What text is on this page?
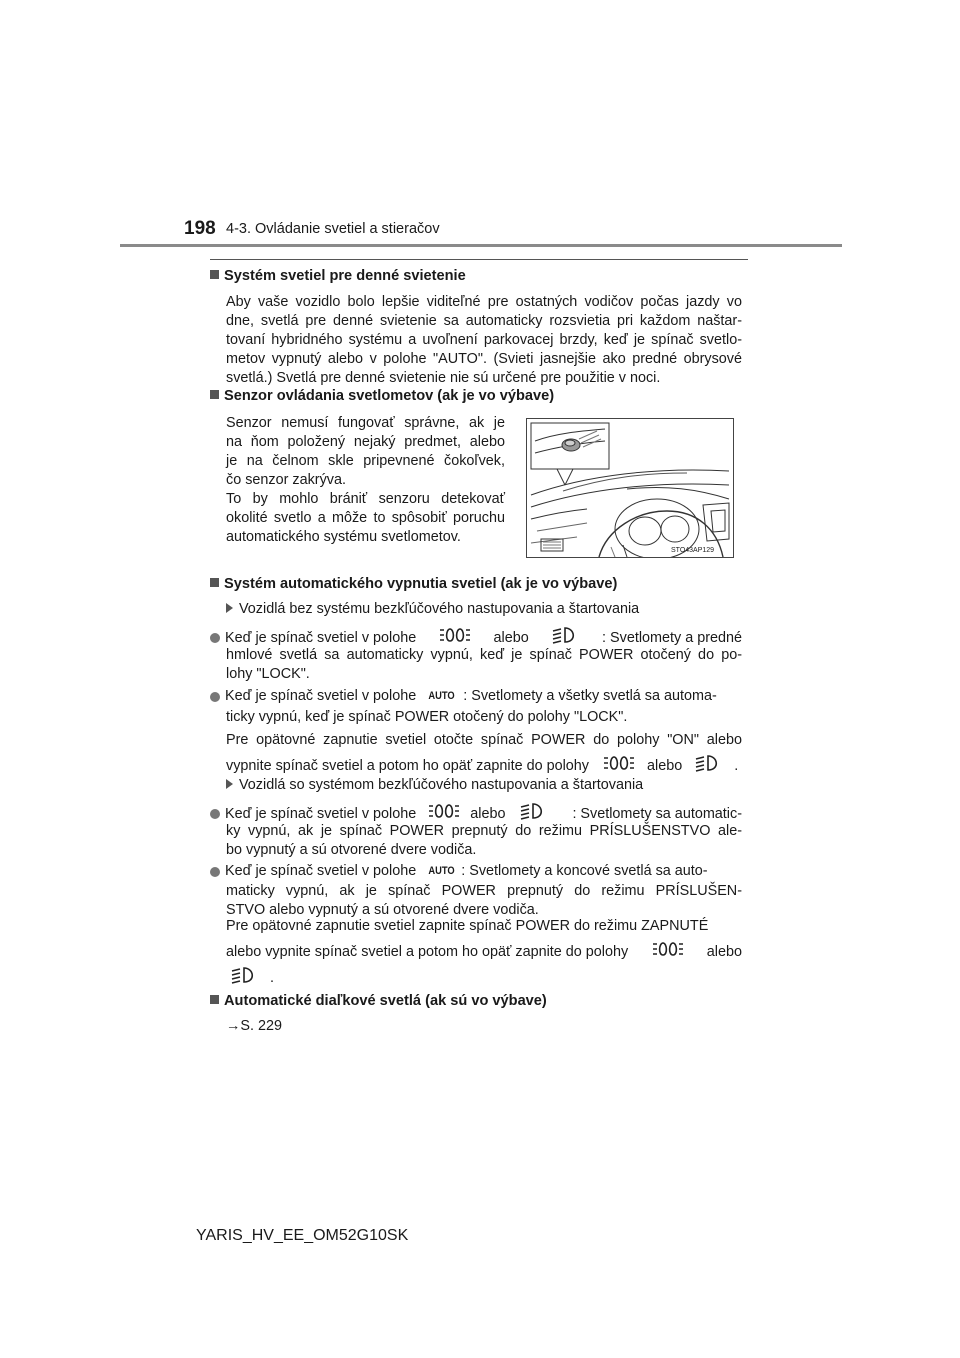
198 4-3. Ovládanie svetiel a stieračov
Systém svetiel pre denné svietenie
Aby vaše vozidlo bolo lepšie viditeľné pre ostatných vodičov počas jazdy vo
dne, svetlá pre denné svietenie sa automaticky rozsvietia pri každom naštar-
tovaní hybridného systému a uvoľnení parkovacej brzdy, keď je spínač svetlo-
metov vypnutý alebo v polohe "AUTO". (Svieti jasnejšie ako predné obrysové
svetlá.) Svetlá pre denné svietenie nie sú určené pre použitie v noci.
Senzor ovládania svetlometov (ak je vo výbave)
Senzor nemusí fungovať správne, ak je
na ňom položený nejaký predmet, alebo
je na čelnom skle pripevnené čokoľvek,
čo senzor zakrýva.
To by mohlo brániť senzoru detekovať
okolité svetlo a môže to spôsobiť poruchu
automatického systému svetlometov.
STO43AP129
Systém automatického vypnutia svetiel (ak je vo výbave)
Vozidlá bez systému bezkľúčového nastupovania a štartovania
Keď je spínač svetiel v polohe	alebo	: Svetlomety a predné
hmlové svetlá sa automaticky vypnú, keď je spínač POWER otočený do po-
lohy "LOCK".
Keď je spínač svetiel v polohe AUTO : Svetlomety a všetky svetlá sa automa-
ticky vypnú, keď je spínač POWER otočený do polohy "LOCK".
Pre opätovné zapnutie svetiel otočte spínač POWER do polohy "ON" alebo
vypnite spínač svetiel a potom ho opäť zapnite do polohy	alebo	.
Vozidlá so systémom bezkľúčového nastupovania a štartovania
Keď je spínač svetiel v polohe	alebo	: Svetlomety sa automatic-
ky vypnú, ak je spínač POWER prepnutý do režimu PRÍSLUŠENSTVO ale-
bo vypnutý a sú otvorené dvere vodiča.
Keď je spínač svetiel v polohe AUTO : Svetlomety a koncové svetlá sa auto-
maticky vypnú, ak je spínač POWER prepnutý do režimu PRÍSLUŠEN-
STVO alebo vypnutý a sú otvorené dvere vodiča.
Pre opätovné zapnutie svetiel zapnite spínač POWER do režimu ZAPNUTÉ
alebo vypnite spínač svetiel a potom ho opäť zapnite do polohy	alebo
.
Automatické diaľkové svetlá (ak sú vo výbave)
→S. 229
YARIS_HV_EE_OM52G10SK
